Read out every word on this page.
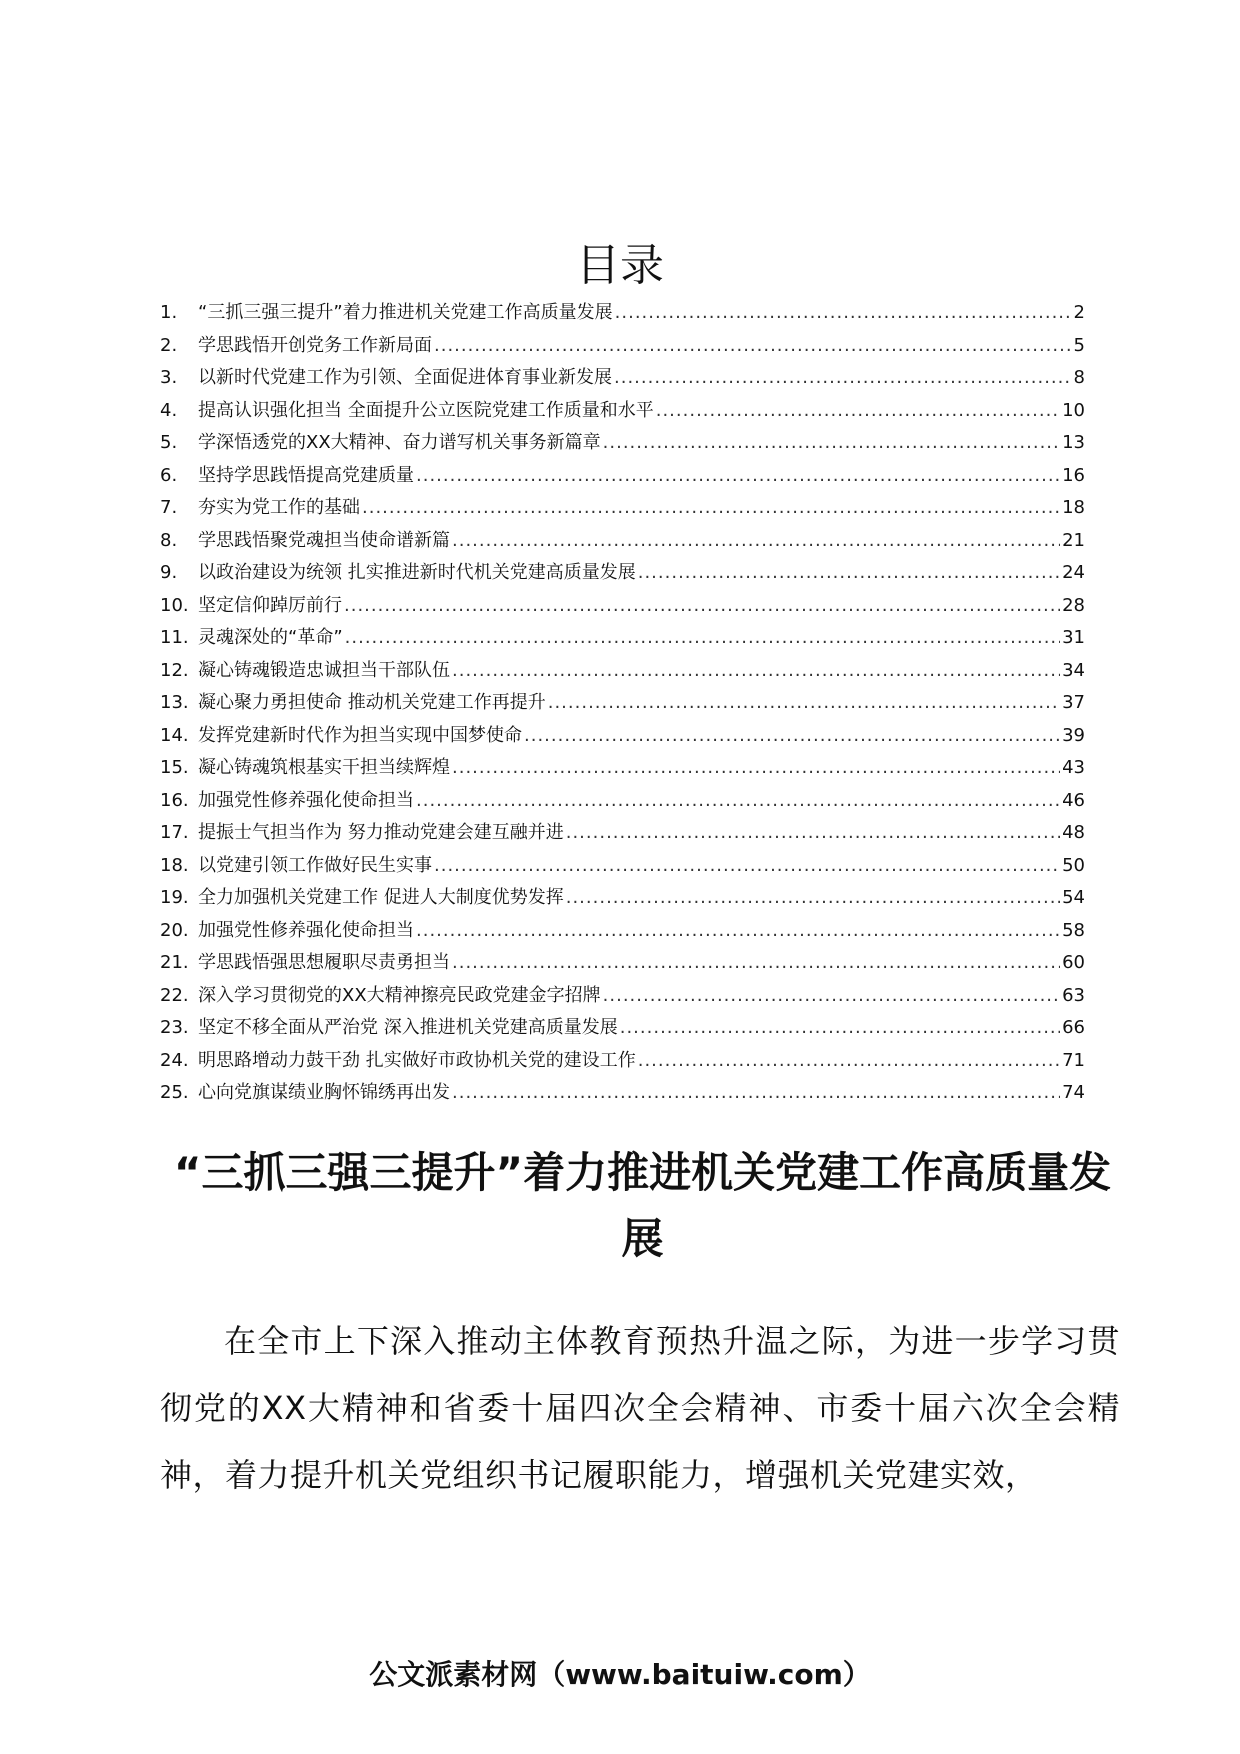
目录
1.	“三抓三强三提升”着力推进机关党建工作高质量发展 .....	2
2.	学思践悟开创党务工作新局面 .....	5
3.	以新时代党建工作为引领、全面促进体育事业新发展 .....	8
4.	提高认识强化担当 全面提升公立医院党建工作质量和水平 .....	10
5.	学深悟透党的XX大精神、奋力谱写机关事务新篇章 .....	13
6.	坚持学思践悟提高党建质量 .....	16
7.	夯实为党工作的基础 .....	18
8.	学思践悟聚党魂担当使命谱新篇 .....	21
9.	以政治建设为统领 扎实推进新时代机关党建高质量发展 .....	24
10. 坚定信仰踔厉前行 .....	28
11. 灵魂深处的“革命” .....	31
12. 凝心铸魂锻造忠诚担当干部队伍 .....	34
13. 凝心聚力勇担使命 推动机关党建工作再提升 .....	37
14. 发挥党建新时代作为担当实现中国梦使命 .....	39
15. 凝心铸魂筑根基实干担当续辉煌 .....	43
16. 加强党性修养强化使命担当 .....	46
17. 提振士气担当作为 努力推动党建会建互融并进 .....	48
18. 以党建引领工作做好民生实事 .....	50
19. 全力加强机关党建工作 促进人大制度优势发挥 .....	54
20. 加强党性修养强化使命担当 .....	58
21. 学思践悟强思想履职尽责勇担当 .....	60
22. 深入学习贯彻党的XX大精神擦亮民政党建金字招牌 .....	63
23. 坚定不移全面从严治党 深入推进机关党建高质量发展 .....	66
24. 明思路增动力鼓干劲 扎实做好市政协机关党的建设工作 .....	71
25. 心向党旗谋绩业胸怀锦绣再出发 .....	74
“三抓三强三提升”着力推进机关党建工作高质量发展

在全市上下深入推动主体教育预热升温之际，为进一步学习贯彻党的XX大精神和省委十届四次全会精神、市委十届六次全会精神，着力提升机关党组织书记履职能力，增强机关党建实效，

公文派素材网（www.baituiw.com）
